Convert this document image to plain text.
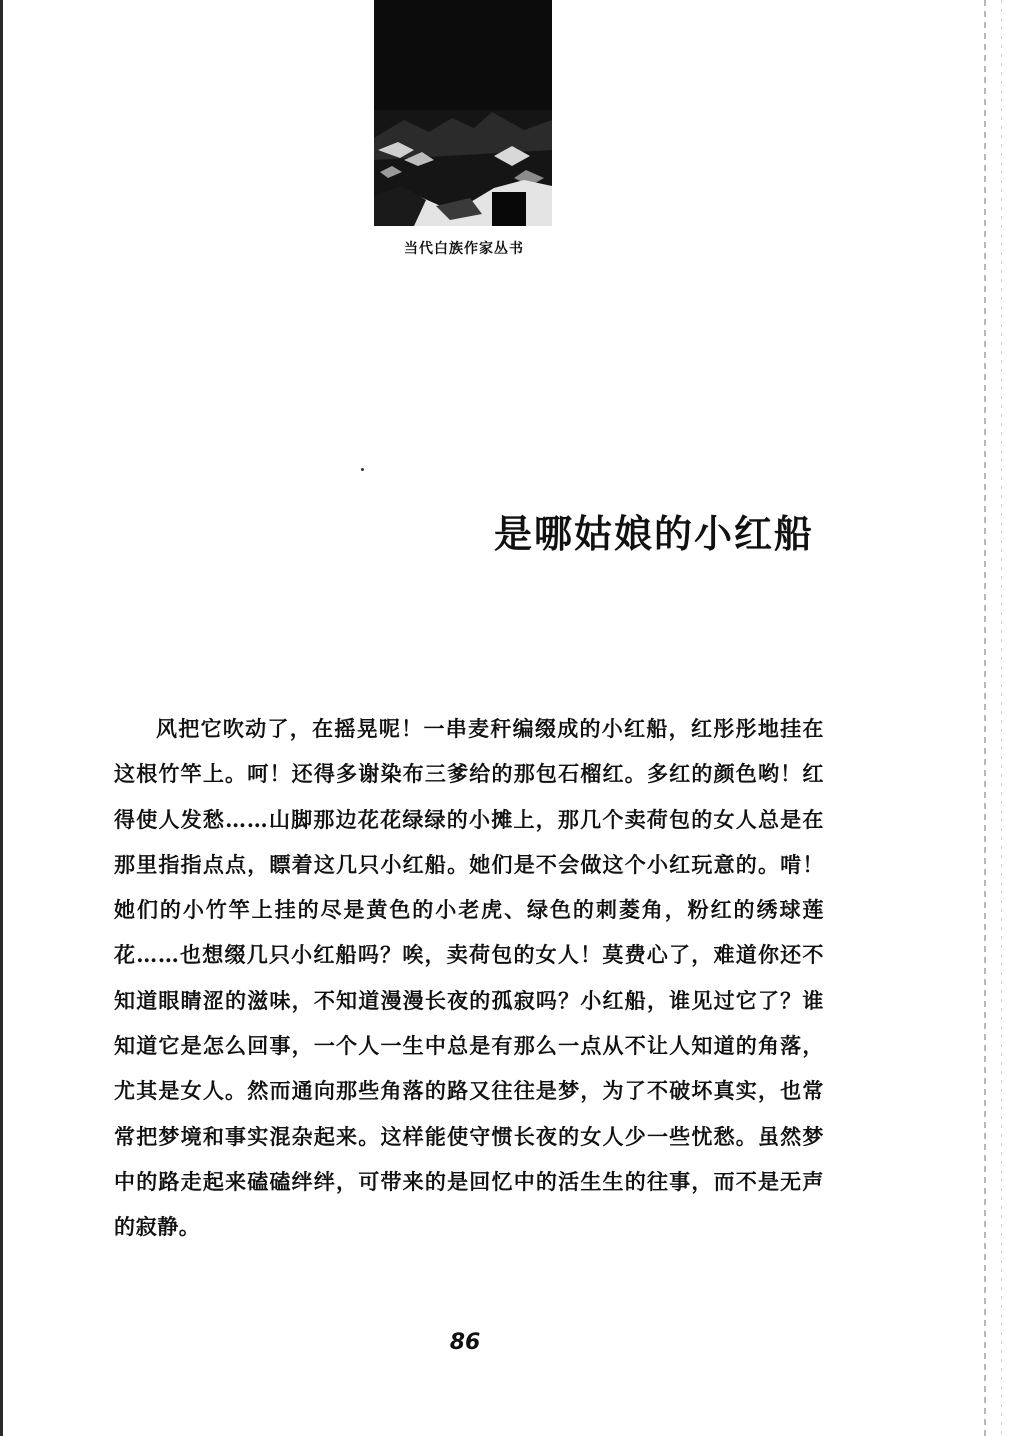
当代白族作家丛书
是哪姑娘的小红船

风把它吹动了，在摇晃呢！一串麦秆编缀成的小红船，红彤彤地挂在这根竹竿上。呵！还得多谢染布三爹给的那包石榴红。多红的颜色哟！红得使人发愁……山脚那边花花绿绿的小摊上，那几个卖荷包的女人总是在那里指指点点，瞟着这几只小红船。她们是不会做这个小红玩意的。啃！她们的小竹竿上挂的尽是黄色的小老虎、绿色的刺菱角，粉红的绣球莲花……也想缀几只小红船吗？唉，卖荷包的女人！莫费心了，难道你还不知道眼睛涩的滋味，不知道漫漫长夜的孤寂吗？小红船，谁见过它了？谁知道它是怎么回事，一个人一生中总是有那么一点从不让人知道的角落，尤其是女人。然而通向那些角落的路又往往是梦，为了不破坏真实，也常常把梦境和事实混杂起来。这样能使守惯长夜的女人少一些忧愁。虽然梦中的路走起来磕磕绊绊，可带来的是回忆中的活生生的往事，而不是无声的寂静。

86
